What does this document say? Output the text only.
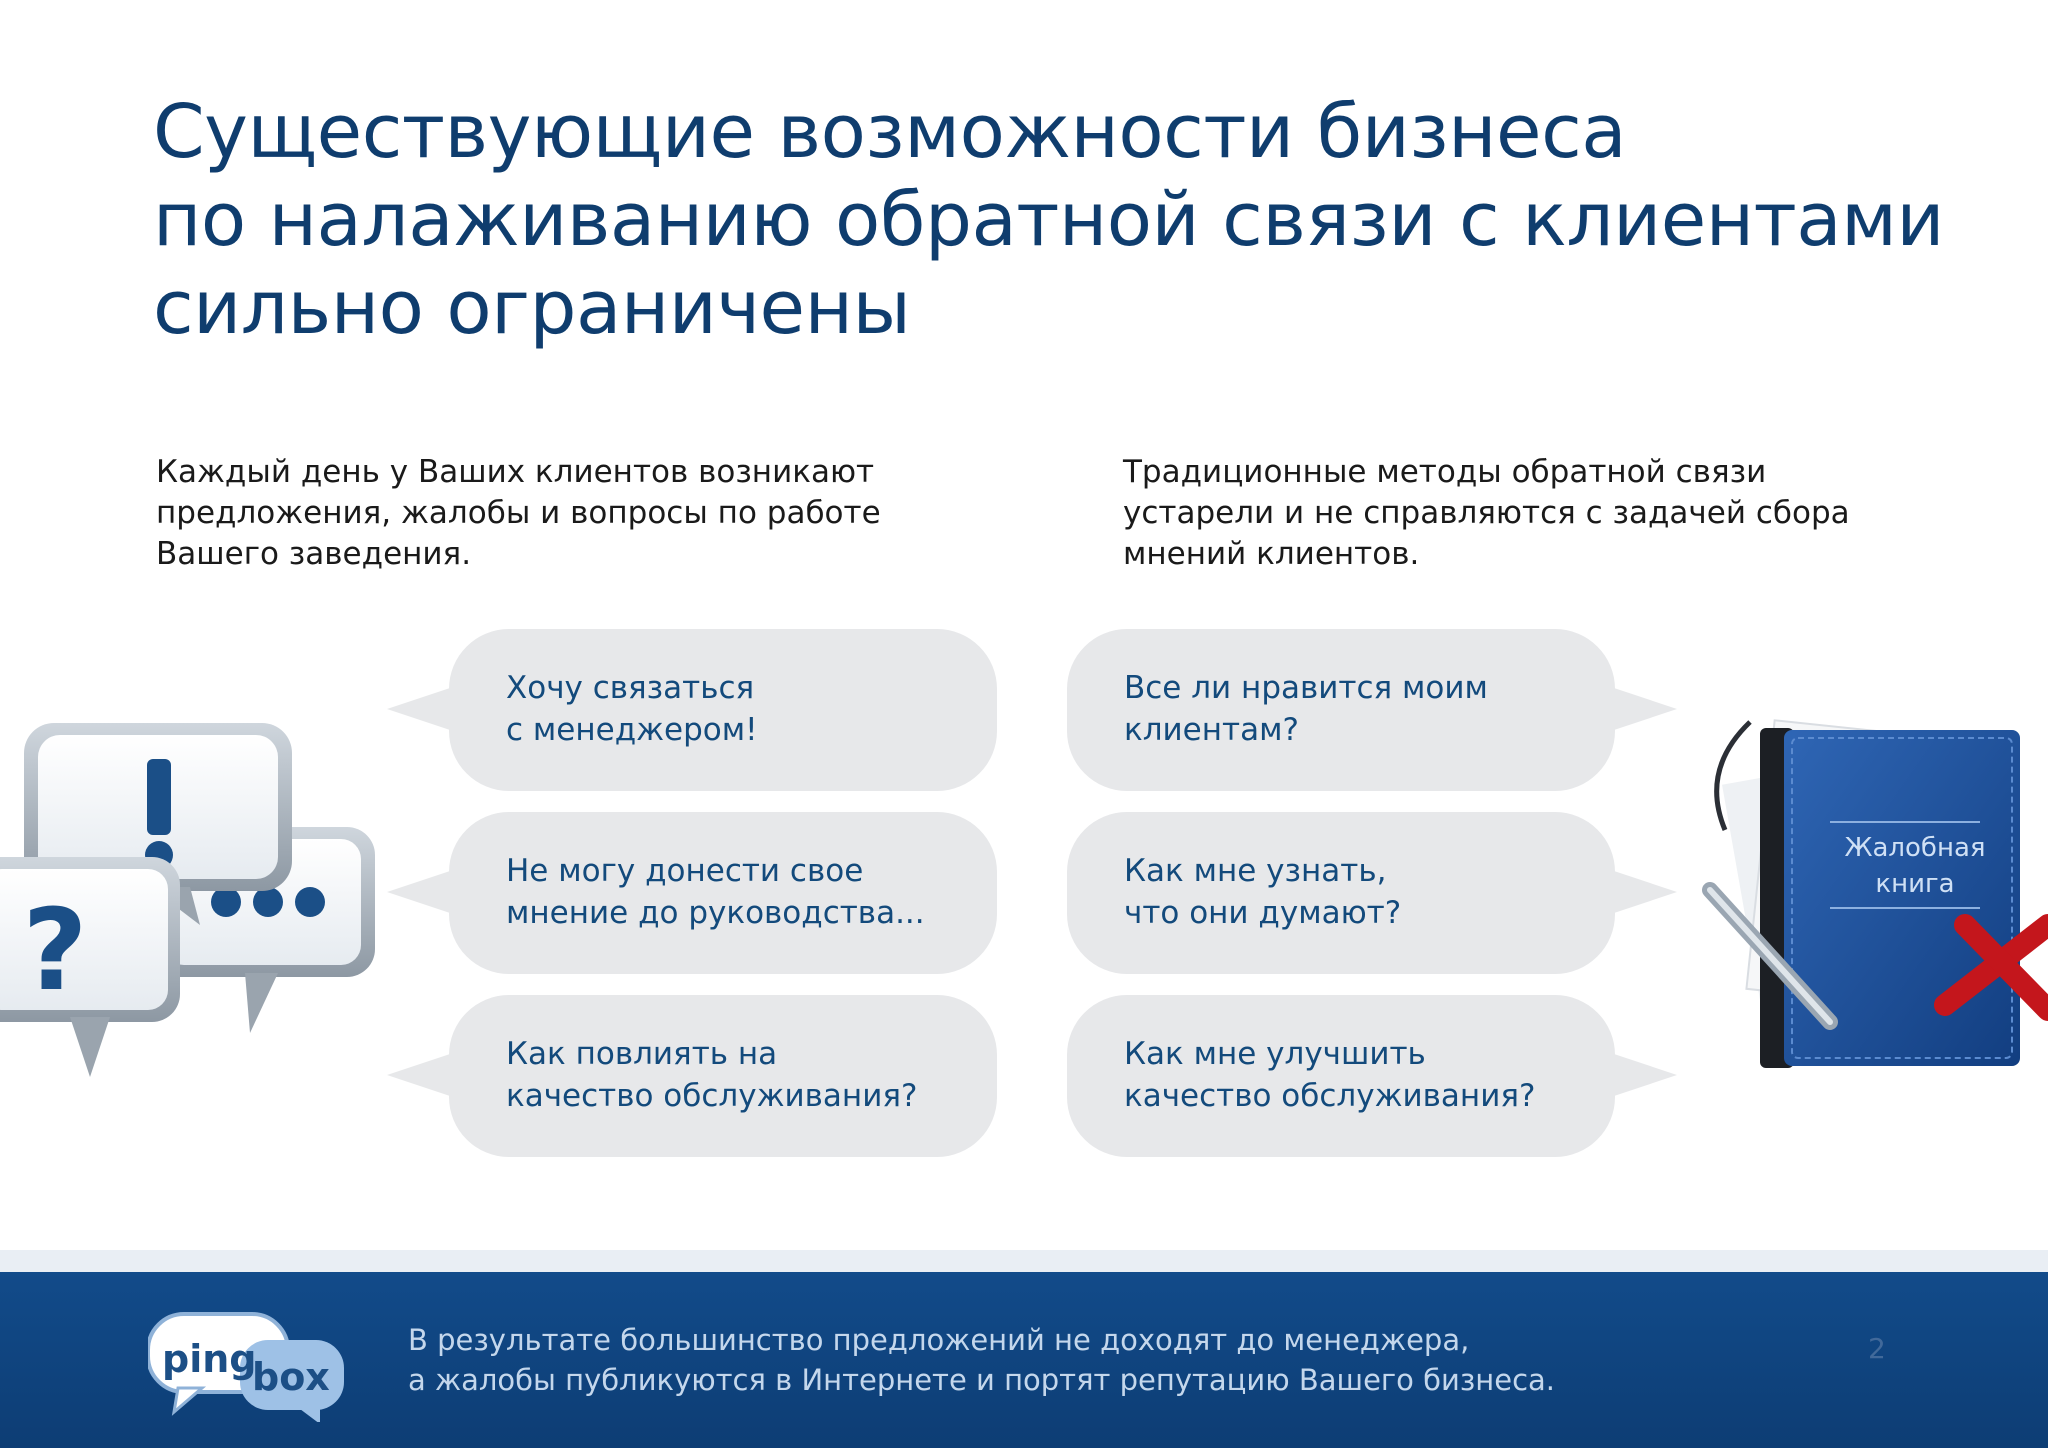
Существующие возможности бизнеса
по налаживанию обратной связи с клиентами
сильно ограничены

Каждый день у Ваших клиентов возникают
предложения, жалобы и вопросы по работе
Вашего заведения.

Традиционные методы обратной связи
устарели и не справляются с задачей сбора
мнений клиентов.

?
Хочу связаться
с менеджером!
Не могу донести свое
мнение до руководства...
Как повлиять на
качество обслуживания?
Все ли нравится моим
клиентам?
Как мне узнать,
что они думают?
Как мне улучшить
качество обслуживания?
Жалобная
книга
ping
box

В результате большинство предложений не доходят до менеджера,
а жалобы публикуются в Интернете и портят репутацию Вашего бизнеса.

2
